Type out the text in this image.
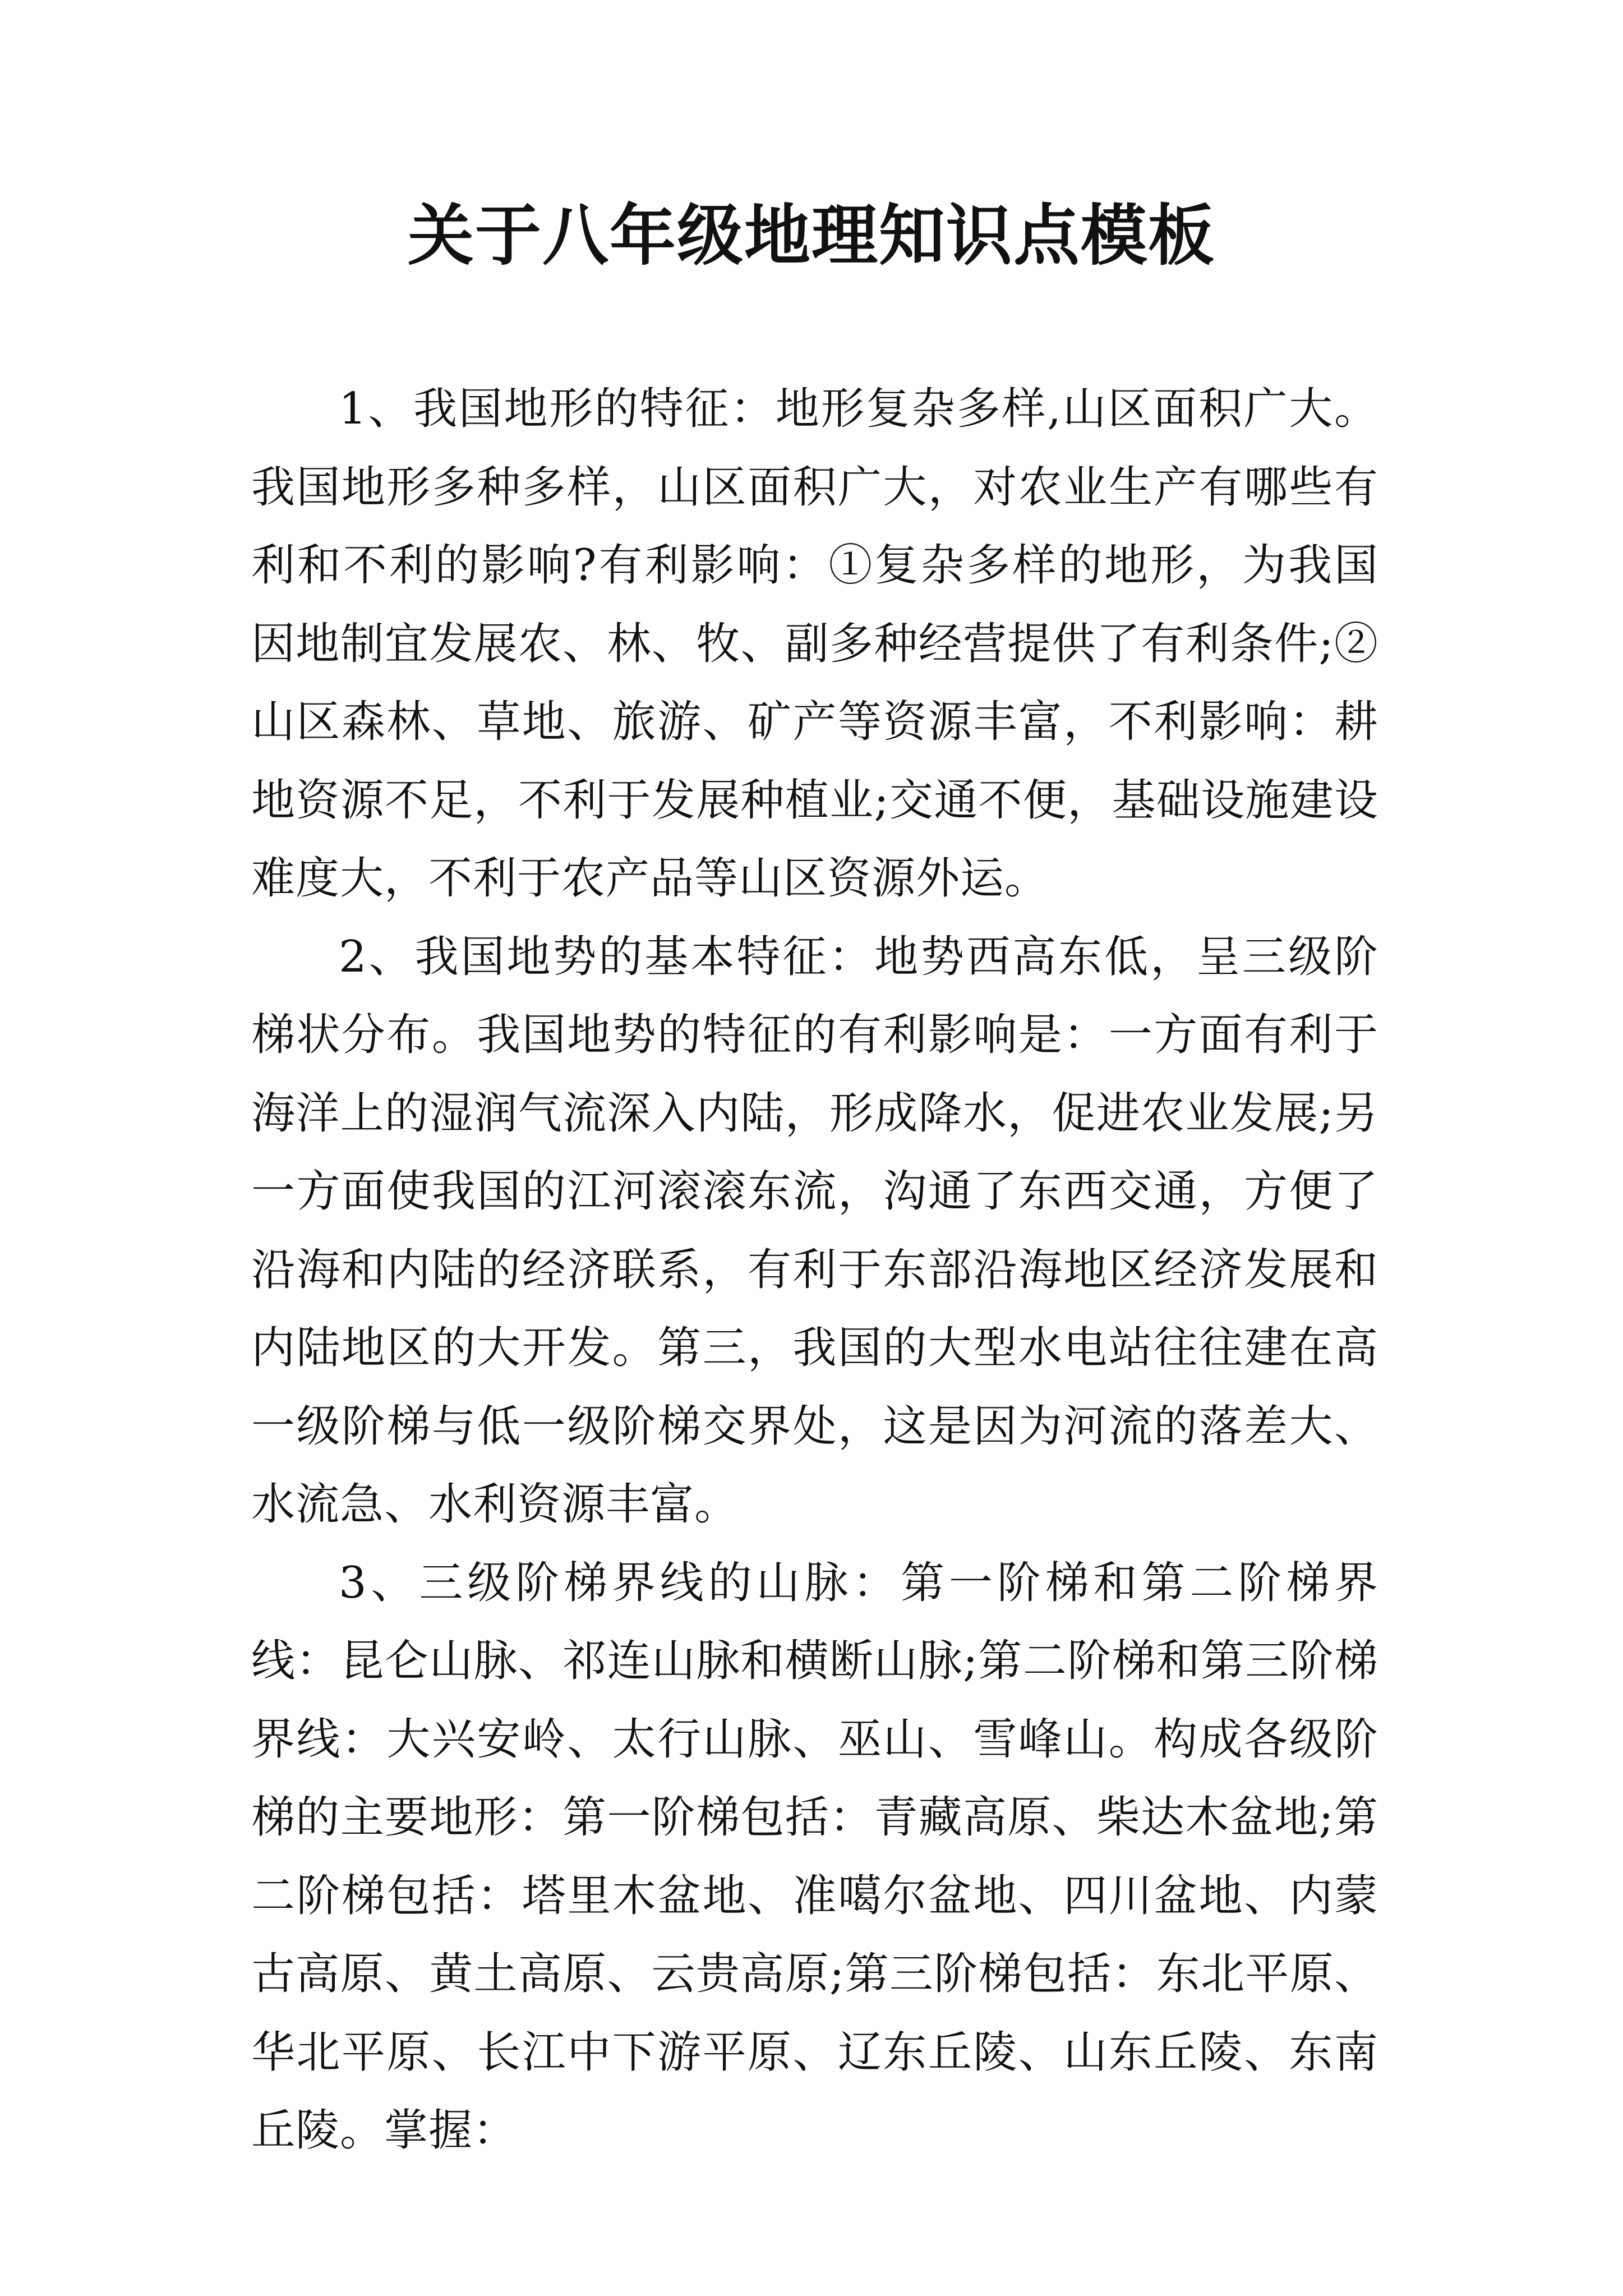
关于八年级地理知识点模板

1、我国地形的特征：地形复杂多样,山区面积广大。我国地形多种多样，山区面积广大，对农业生产有哪些有利和不利的影响?有利影响：①复杂多样的地形，为我国因地制宜发展农、林、牧、副多种经营提供了有利条件;②山区森林、草地、旅游、矿产等资源丰富，不利影响：耕地资源不足，不利于发展种植业;交通不便，基础设施建设难度大，不利于农产品等山区资源外运。

2、我国地势的基本特征：地势西高东低，呈三级阶梯状分布。我国地势的特征的有利影响是：一方面有利于海洋上的湿润气流深入内陆，形成降水，促进农业发展;另一方面使我国的江河滚滚东流，沟通了东西交通，方便了沿海和内陆的经济联系，有利于东部沿海地区经济发展和内陆地区的大开发。第三，我国的大型水电站往往建在高一级阶梯与低一级阶梯交界处，这是因为河流的落差大、水流急、水利资源丰富。

3、三级阶梯界线的山脉：第一阶梯和第二阶梯界线：昆仑山脉、祁连山脉和横断山脉;第二阶梯和第三阶梯界线：大兴安岭、太行山脉、巫山、雪峰山。构成各级阶梯的主要地形：第一阶梯包括：青藏高原、柴达木盆地;第二阶梯包括：塔里木盆地、准噶尔盆地、四川盆地、内蒙古高原、黄土高原、云贵高原;第三阶梯包括：东北平原、华北平原、长江中下游平原、辽东丘陵、山东丘陵、东南丘陵。掌握：
